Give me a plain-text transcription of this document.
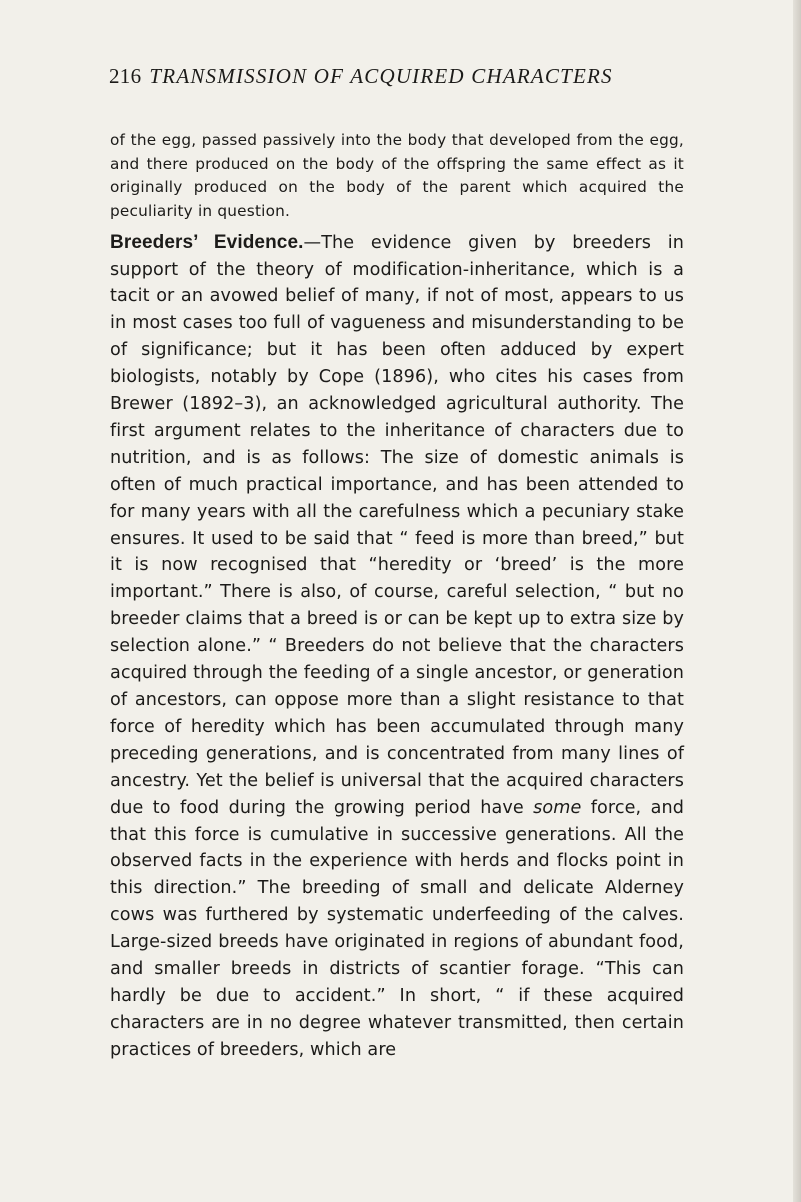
216 TRANSMISSION OF ACQUIRED CHARACTERS

of the egg, passed passively into the body that developed from the egg, and there produced on the body of the offspring the same effect as it originally produced on the body of the parent which acquired the peculiarity in question.

Breeders’ Evidence.—The evidence given by breeders in support of the theory of modification-inheritance, which is a tacit or an avowed belief of many, if not of most, appears to us in most cases too full of vagueness and misunderstanding to be of significance; but it has been often adduced by expert biologists, notably by Cope (1896), who cites his cases from Brewer (1892–3), an acknowledged agricultural authority. The first argument relates to the inheritance of characters due to nutrition, and is as follows: The size of domestic animals is often of much practical importance, and has been attended to for many years with all the carefulness which a pecuniary stake ensures. It used to be said that “ feed is more than breed,” but it is now recognised that “heredity or ‘breed’ is the more important.” There is also, of course, careful selection, “ but no breeder claims that a breed is or can be kept up to extra size by selection alone.” “ Breeders do not believe that the characters acquired through the feeding of a single ancestor, or generation of ancestors, can oppose more than a slight resistance to that force of heredity which has been accumulated through many preceding generations, and is concentrated from many lines of ancestry. Yet the belief is universal that the acquired characters due to food during the growing period have some force, and that this force is cumulative in successive generations. All the observed facts in the experience with herds and flocks point in this direction.” The breeding of small and delicate Alderney cows was furthered by systematic underfeeding of the calves. Large-sized breeds have originated in regions of abundant food, and smaller breeds in districts of scantier forage. “This can hardly be due to accident.” In short, “ if these acquired characters are in no degree whatever transmitted, then certain practices of breeders, which are
